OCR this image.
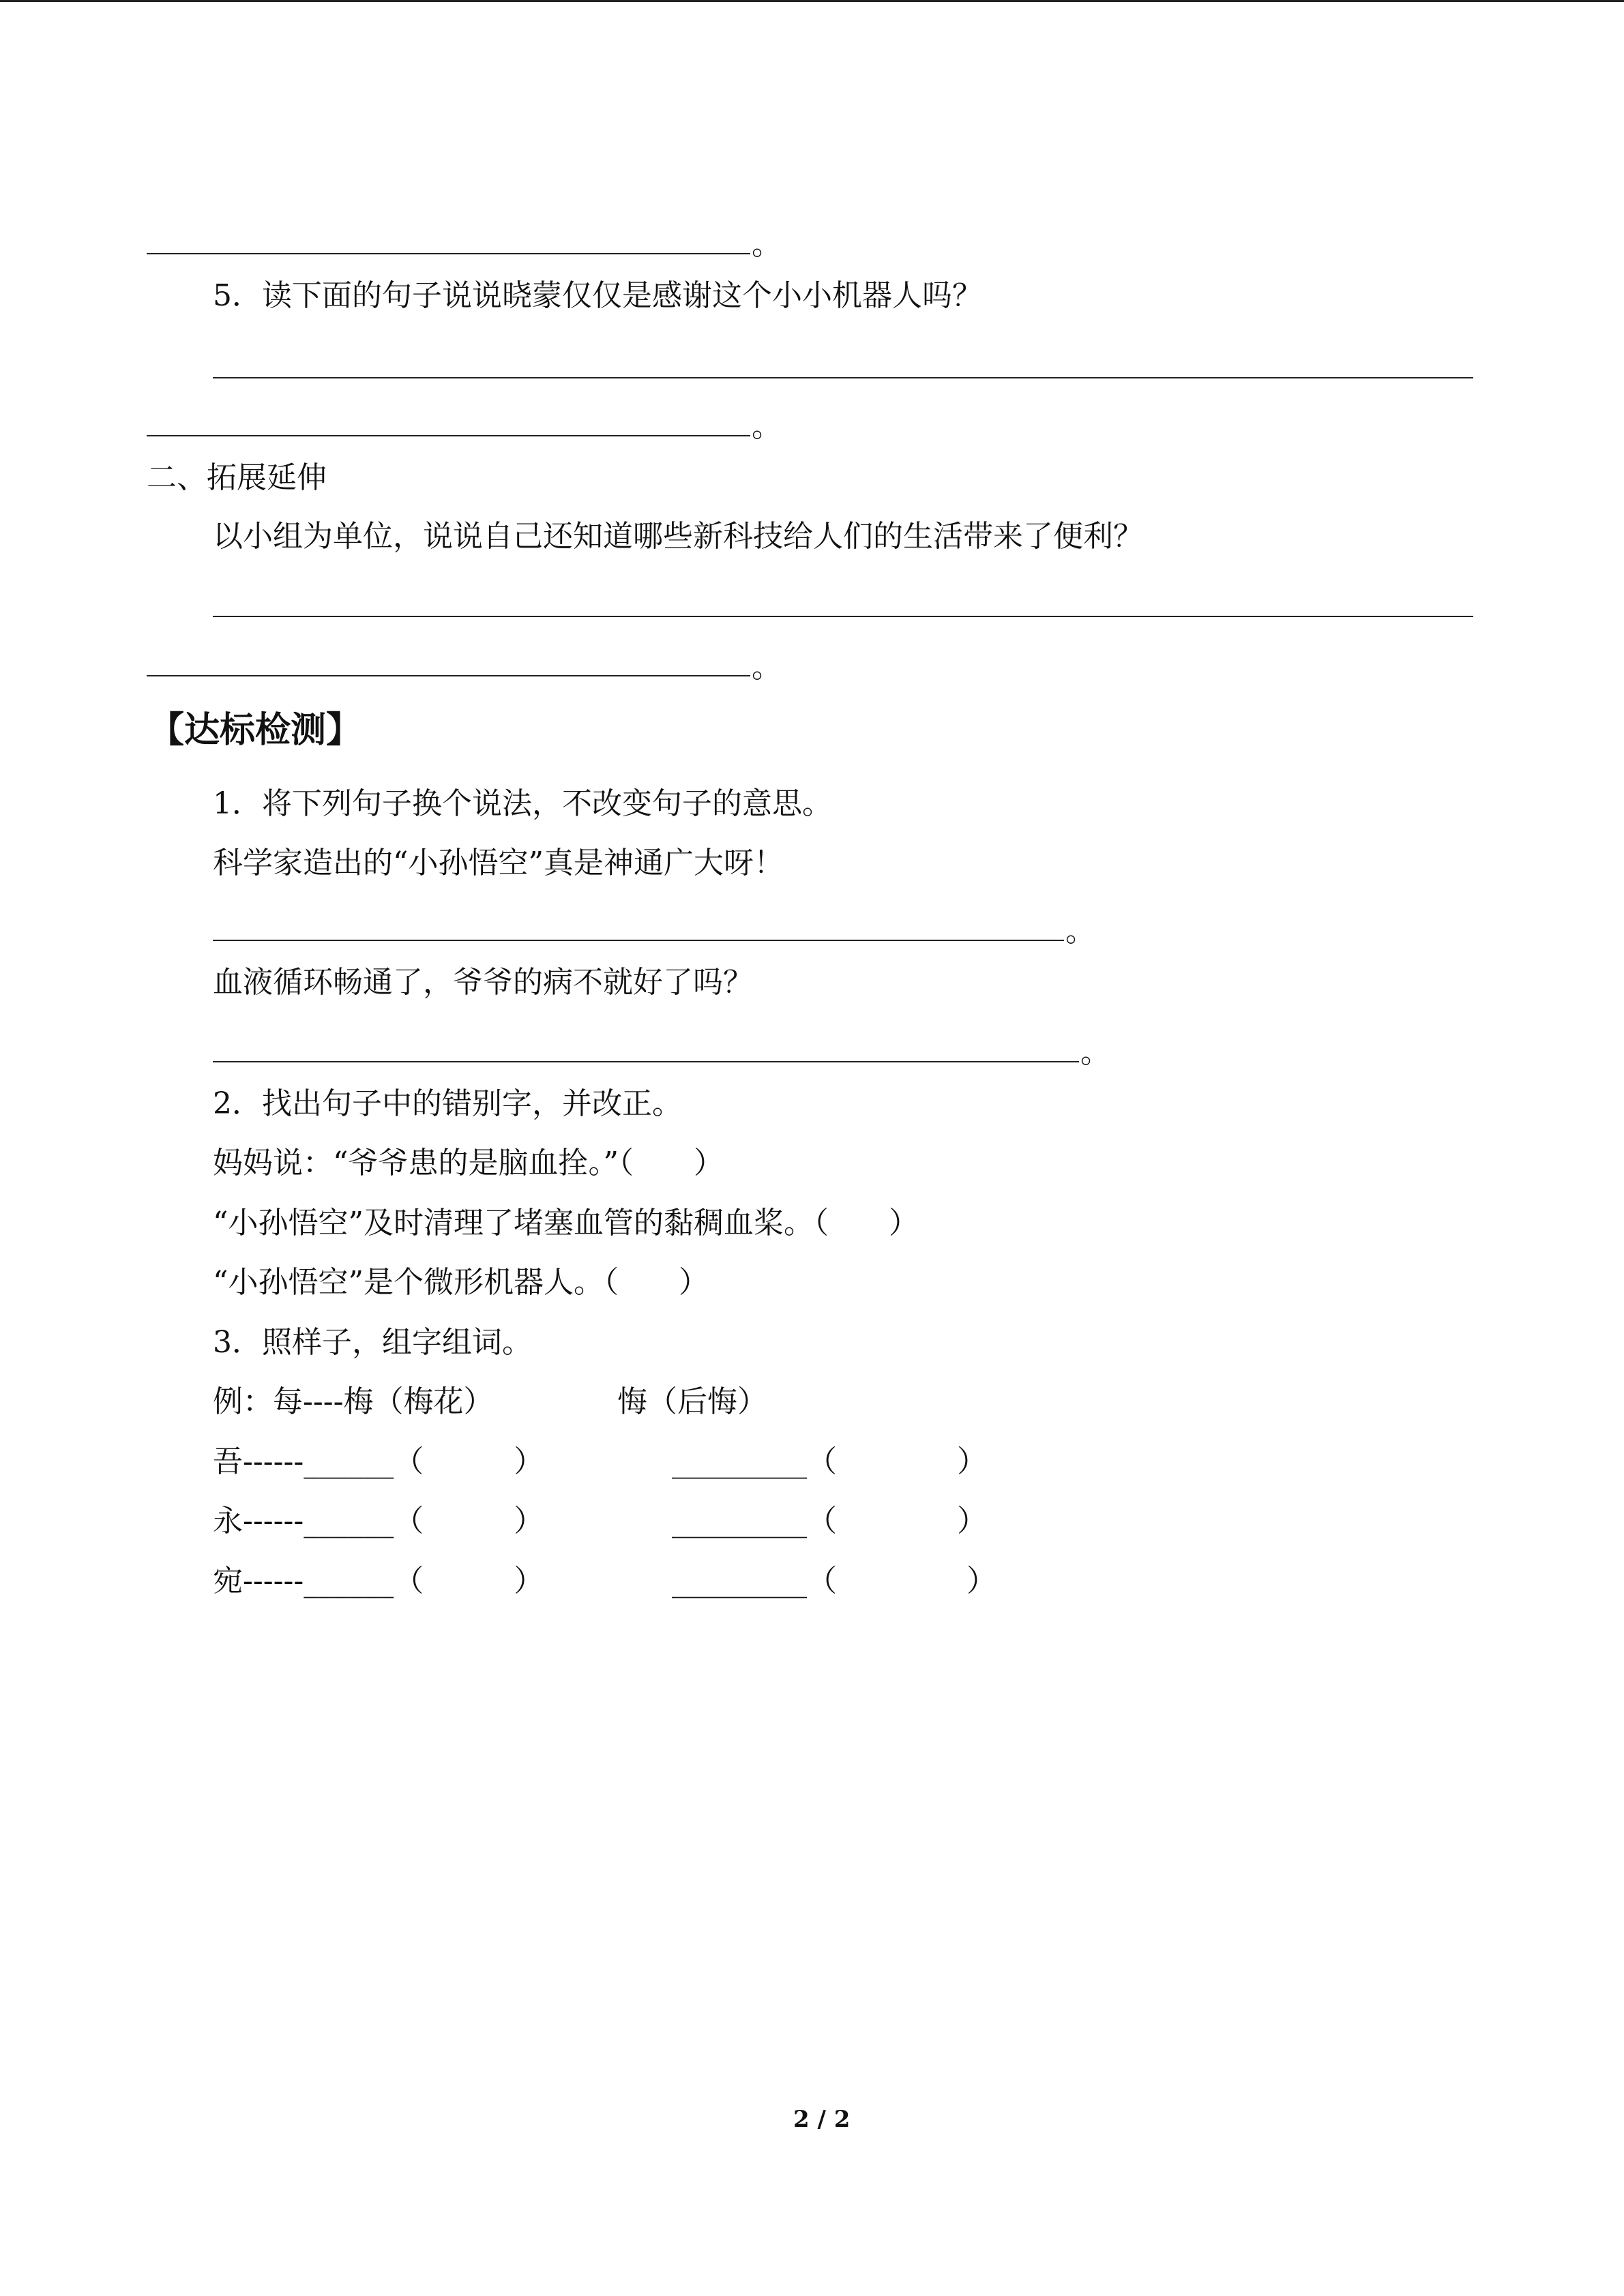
。
5．读下面的句子说说晓蒙仅仅是感谢这个小小机器人吗？
。
二、拓展延伸
以小组为单位，说说自己还知道哪些新科技给人们的生活带来了便利？
。
【达标检测】
1．将下列句子换个说法，不改变句子的意思。
科学家造出的“小孙悟空”真是神通广大呀！
。
血液循环畅通了，爷爷的病不就好了吗？
。
2．找出句子中的错别字，并改正。
妈妈说：“爷爷患的是脑血拴。”（　　）
“小孙悟空”及时清理了堵塞血管的黏稠血桨。（　　）
“小孙悟空”是个微形机器人。（　　）
3．照样子，组字组词。
例：每----梅（梅花）	悔（后悔）
吾------______（　　　）	_________（　　　　）
永------______（　　　）	_________（　　　　）
宛------______（　　　）	_________（　　　　 ）
2 / 2
